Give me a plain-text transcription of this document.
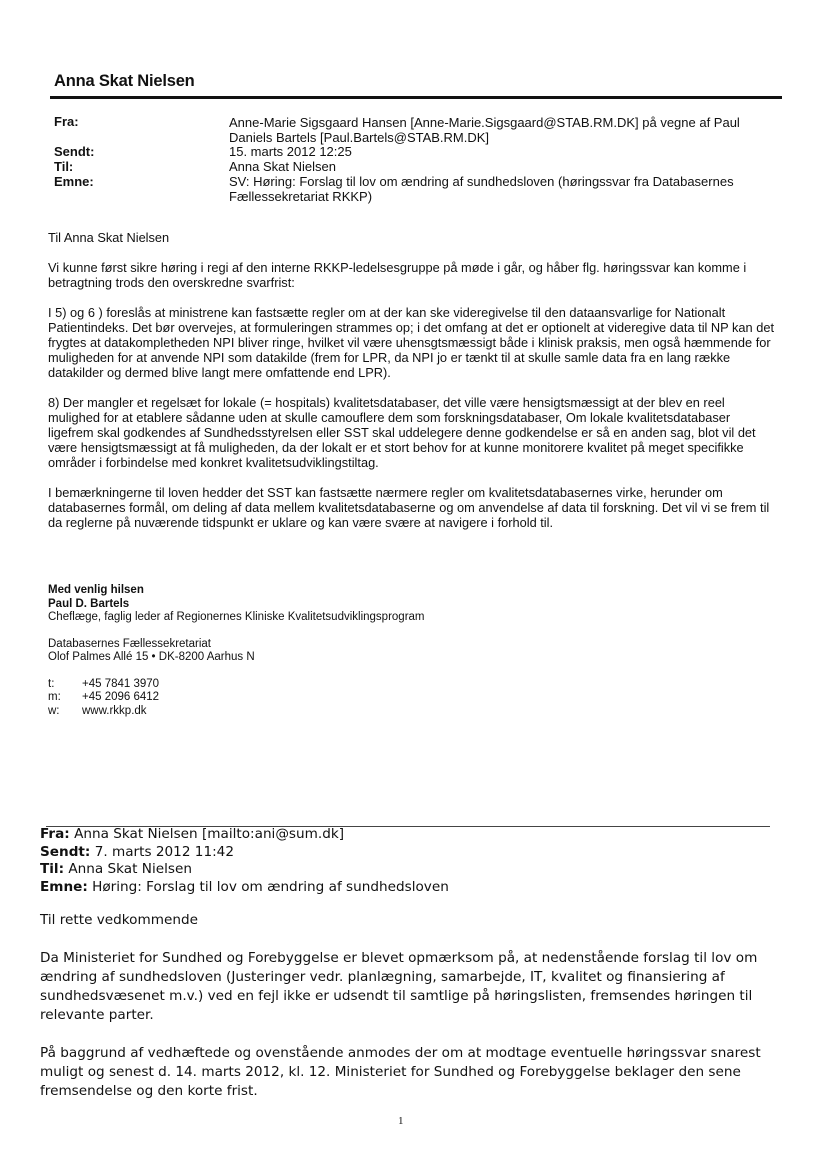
Anna Skat Nielsen
Fra:	Anne-Marie Sigsgaard Hansen [Anne-Marie.Sigsgaard@STAB.RM.DK] på vegne af Paul Daniels Bartels [Paul.Bartels@STAB.RM.DK]
Sendt:	15. marts 2012 12:25
Til:	Anna Skat Nielsen
Emne:	SV: Høring: Forslag til lov om ændring af sundhedsloven (høringssvar fra Databasernes Fællessekretariat RKKP)

Til Anna Skat Nielsen

Vi kunne først sikre høring i regi af den interne RKKP-ledelsesgruppe på møde i går, og håber flg. høringssvar kan komme i betragtning trods den overskredne svarfrist:

I 5) og 6 ) foreslås at ministrene kan fastsætte regler om at der kan ske videregivelse til den dataansvarlige for Nationalt Patientindeks. Det bør overvejes, at formuleringen strammes op; i det omfang at det er optionelt at videregive data til NP kan det frygtes at datakompletheden NPI bliver ringe, hvilket vil være uhensgtsmæssigt både i klinisk praksis, men også hæmmende for muligheden for at anvende NPI som datakilde (frem for LPR, da NPI jo er tænkt til at skulle samle data fra en lang række datakilder og dermed blive langt mere omfattende end LPR).

8) Der mangler et regelsæt for lokale (= hospitals) kvalitetsdatabaser, det ville være hensigtsmæssigt at der blev en reel mulighed for at etablere sådanne uden at skulle camouflere dem som forskningsdatabaser, Om lokale kvalitetsdatabaser ligefrem skal godkendes af Sundhedsstyrelsen eller SST skal uddelegere denne godkendelse er så en anden sag, blot vil det være hensigtsmæssigt at få muligheden, da der lokalt er et stort behov for at kunne monitorere kvalitet på meget specifikke områder i forbindelse med konkret kvalitetsudviklingstiltag.

I bemærkningerne til loven hedder det SST kan fastsætte nærmere regler om kvalitetsdatabasernes virke, herunder om databasernes formål, om deling af data mellem kvalitetsdatabaserne og om anvendelse af data til forskning. Det vil vi se frem til da reglerne på nuværende tidspunkt er uklare og kan være svære at navigere i forhold til.

Med venlig hilsen
Paul D. Bartels
Cheflæge, faglig leder af Regionernes Kliniske Kvalitetsudviklingsprogram
Databasernes Fællessekretariat
Olof Palmes Allé 15 • DK-8200 Aarhus N
t:	+45 7841 3970
m:	+45 2096 6412
w:	www.rkkp.dk
Fra: Anna Skat Nielsen [mailto:ani@sum.dk]
Sendt: 7. marts 2012 11:42
Til: Anna Skat Nielsen
Emne: Høring: Forslag til lov om ændring af sundhedsloven

Til rette vedkommende

Da Ministeriet for Sundhed og Forebyggelse er blevet opmærksom på, at nedenstående forslag til lov om ændring af sundhedsloven (Justeringer vedr. planlægning, samarbejde, IT, kvalitet og finansiering af sundhedsvæsenet m.v.) ved en fejl ikke er udsendt til samtlige på høringslisten, fremsendes høringen til relevante parter.

På baggrund af vedhæftede og ovenstående anmodes der om at modtage eventuelle høringssvar snarest muligt og senest d. 14. marts 2012, kl. 12. Ministeriet for Sundhed og Forebyggelse beklager den sene fremsendelse og den korte frist.

1
